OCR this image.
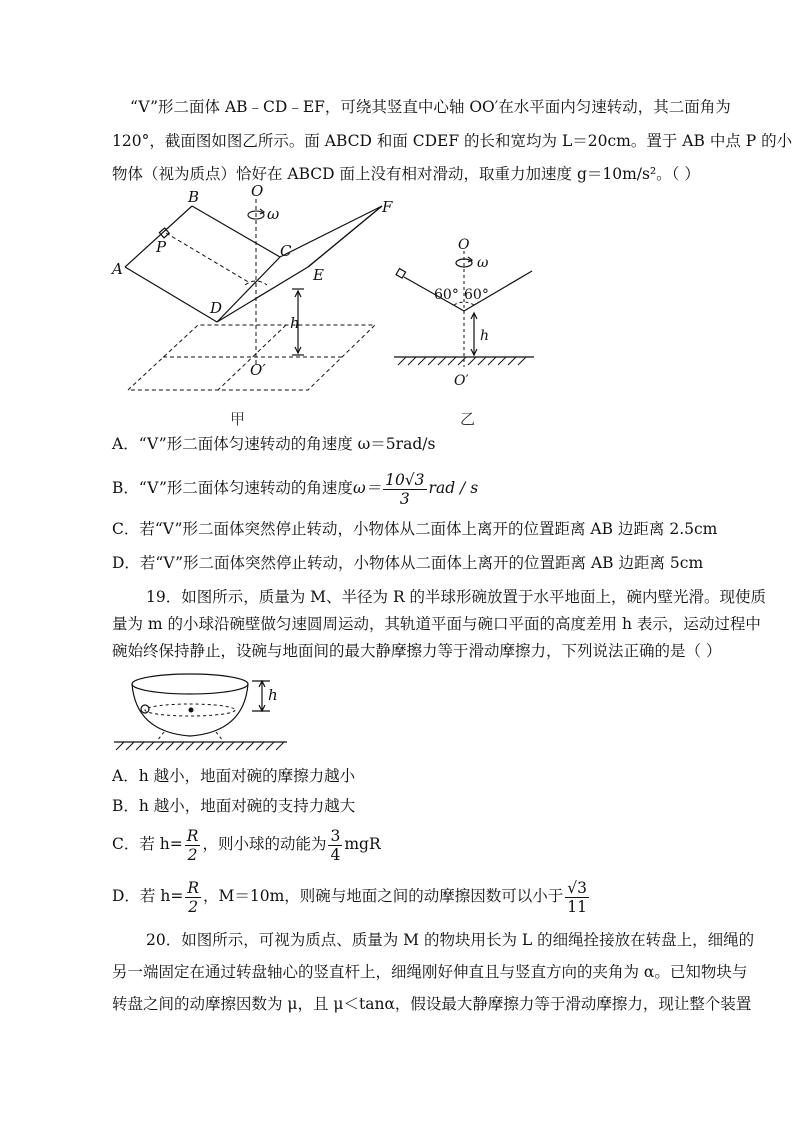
“V”形二面体 AB﹣CD﹣EF，可绕其竖直中心轴 OO′在水平面内匀速转动，其二面角为
120°，截面图如图乙所示。面 ABCD 和面 CDEF 的长和宽均为 L＝20cm。置于 AB 中点 P 的小
物体（视为质点）恰好在 ABCD 面上没有相对滑动，取重力加速度 g＝10m/s²。（ ）
B	O
ω	F
P	C
A	E
D
h
O′
甲
O
ω
60° 60°
h
O′
乙
A．“V”形二面体匀速转动的角速度 ω＝5rad/s
B．“V”形二面体匀速转动的角速度$\omega= \frac{10√3}{3}$ rad / s
C．若“V”形二面体突然停止转动，小物体从二面体上离开的位置距离 AB 边距离 2.5cm
D．若“V”形二面体突然停止转动，小物体从二面体上离开的位置距离 AB 边距离 5cm
19．如图所示，质量为 M、半径为 R 的半球形碗放置于水平地面上，碗内壁光滑。现使质
量为 m 的小球沿碗壁做匀速圆周运动，其轨道平面与碗口平面的高度差用 h 表示，运动过程中
碗始终保持静止，设碗与地面间的最大静摩擦力等于滑动摩擦力，下列说法正确的是（ ）
h
A．h 越小，地面对碗的摩擦力越小
B．h 越小，地面对碗的支持力越大
C．若 $h= \frac{R}{2}$ ，则小球的动能为 $\frac{3}{4}$ mgR
D．若 $h= \frac{R}{2}$ ，M＝10m，则碗与地面之间的动摩擦因数可以小于 $\frac{√3}{11}$
20．如图所示，可视为质点、质量为 M 的物块用长为 L 的细绳拴接放在转盘上，细绳的
另一端固定在通过转盘轴心的竖直杆上，细绳刚好伸直且与竖直方向的夹角为 α。已知物块与
转盘之间的动摩擦因数为 μ，且 μ＜tanα，假设最大静摩擦力等于滑动摩擦力，现让整个装置
